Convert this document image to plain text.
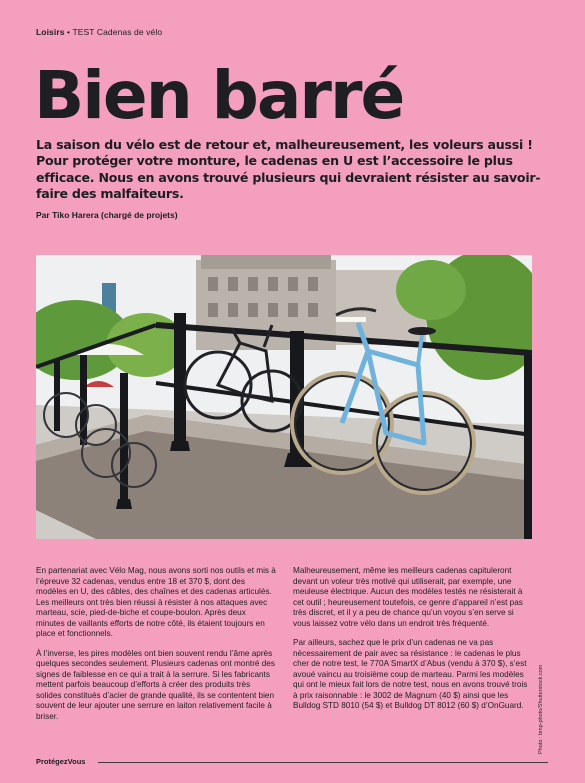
Loisirs • TEST Cadenas de vélo
Bien barré

La saison du vélo est de retour et, malheureusement, les voleurs aussi ! Pour protéger votre monture, le cadenas en U est l’accessoire le plus efficace. Nous en avons trouvé plusieurs qui devraient résister au savoir-faire des malfaiteurs.

Par Tiko Harera (chargé de projets)

En partenariat avec Vélo Mag, nous avons sorti nos outils et mis à l’épreuve 32 cadenas, vendus entre 18 et 370 $, dont des modèles en U, des câbles, des chaînes et des cadenas articulés. Les meilleurs ont très bien réussi à résister à nos attaques avec marteau, scie, pied-de-biche et coupe-boulon. Après deux minutes de vaillants efforts de notre côté, ils étaient toujours en place et fonctionnels.

À l’inverse, les pires modèles ont bien souvent rendu l’âme après quelques secondes seulement. Plusieurs cadenas ont montré des signes de faiblesse en ce qui a trait à la serrure. Si les fabricants mettent parfois beaucoup d’efforts à créer des produits très solides constitués d’acier de grande qualité, ils se contentent bien souvent de leur ajouter une serrure en laiton relativement facile à briser.

Malheureusement, même les meilleurs cadenas capituleront devant un voleur très motivé qui utiliserait, par exemple, une meuleuse électrique. Aucun des modèles testés ne résisterait à cet outil ; heureusement toutefois, ce genre d’appareil n’est pas très discret, et il y a peu de chance qu’un voyou s’en serve si vous laissez votre vélo dans un endroit très fréquenté.

Par ailleurs, sachez que le prix d’un cadenas ne va pas nécessairement de pair avec sa résistance : le cadenas le plus cher de notre test, le 770A SmartX d’Abus (vendu à 370 $), s’est avoué vaincu au troisième coup de marteau. Parmi les modèles qui ont le mieux fait lors de notre test, nous en avons trouvé trois à prix raisonnable : le 3002 de Magnum (40 $) ainsi que les Bulldog STD 8010 (54 $) et Bulldog DT 8012 (60 $) d’OnGuard.	Photo : bmp-photo/Shutterstock.com
ProtégezVous
